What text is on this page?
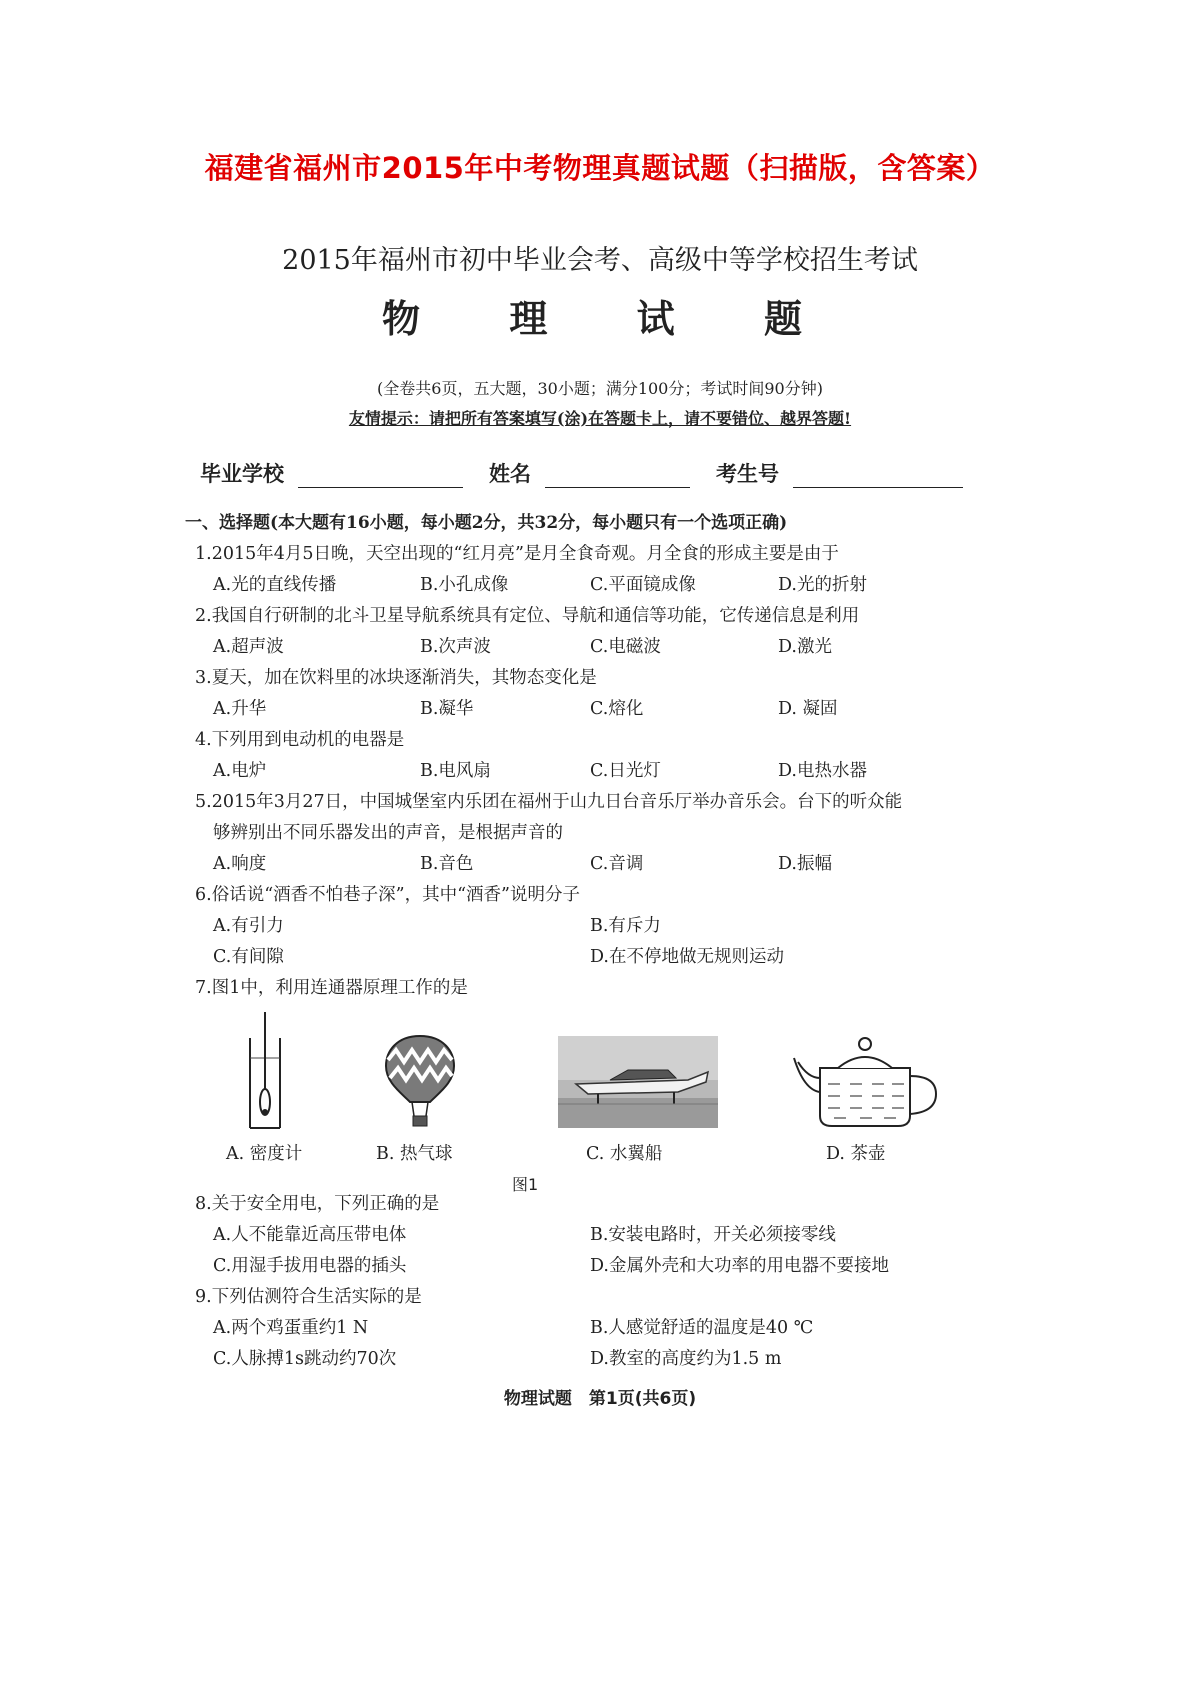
福建省福州市2015年中考物理真题试题（扫描版，含答案）
2015年福州市初中毕业会考、高级中等学校招生考试
物 理 试 题
(全卷共6页，五大题，30小题；满分100分；考试时间90分钟)
友情提示：请把所有答案填写(涂)在答题卡上，请不要错位、越界答题!
毕业学校	姓名	考生号
一、选择题(本大题有16小题，每小题2分，共32分，每小题只有一个选项正确)
1.2015年4月5日晚，天空出现的“红月亮”是月全食奇观。月全食的形成主要是由于
A.光的直线传播	B.小孔成像	C.平面镜成像	D.光的折射
2.我国自行研制的北斗卫星导航系统具有定位、导航和通信等功能，它传递信息是利用
A.超声波	B.次声波	C.电磁波	D.激光
3.夏天，加在饮料里的冰块逐渐消失，其物态变化是
A.升华	B.凝华	C.熔化	D. 凝固
4.下列用到电动机的电器是
A.电炉	B.电风扇	C.日光灯	D.电热水器
5.2015年3月27日，中国城堡室内乐团在福州于山九日台音乐厅举办音乐会。台下的听众能
够辨别出不同乐器发出的声音，是根据声音的
A.响度	B.音色	C.音调	D.振幅
6.俗话说“酒香不怕巷子深”，其中“酒香”说明分子
A.有引力	B.有斥力
C.有间隙	D.在不停地做无规则运动
7.图1中，利用连通器原理工作的是
A. 密度计	B. 热气球	C. 水翼船	D. 茶壶
图1
8.关于安全用电，下列正确的是
A.人不能靠近高压带电体	B.安装电路时，开关必须接零线
C.用湿手拔用电器的插头	D.金属外壳和大功率的用电器不要接地
9.下列估测符合生活实际的是
A.两个鸡蛋重约1 N	B.人感觉舒适的温度是40 ℃
C.人脉搏1s跳动约70次	D.教室的高度约为1.5 m
物理试题　第1页(共6页)
